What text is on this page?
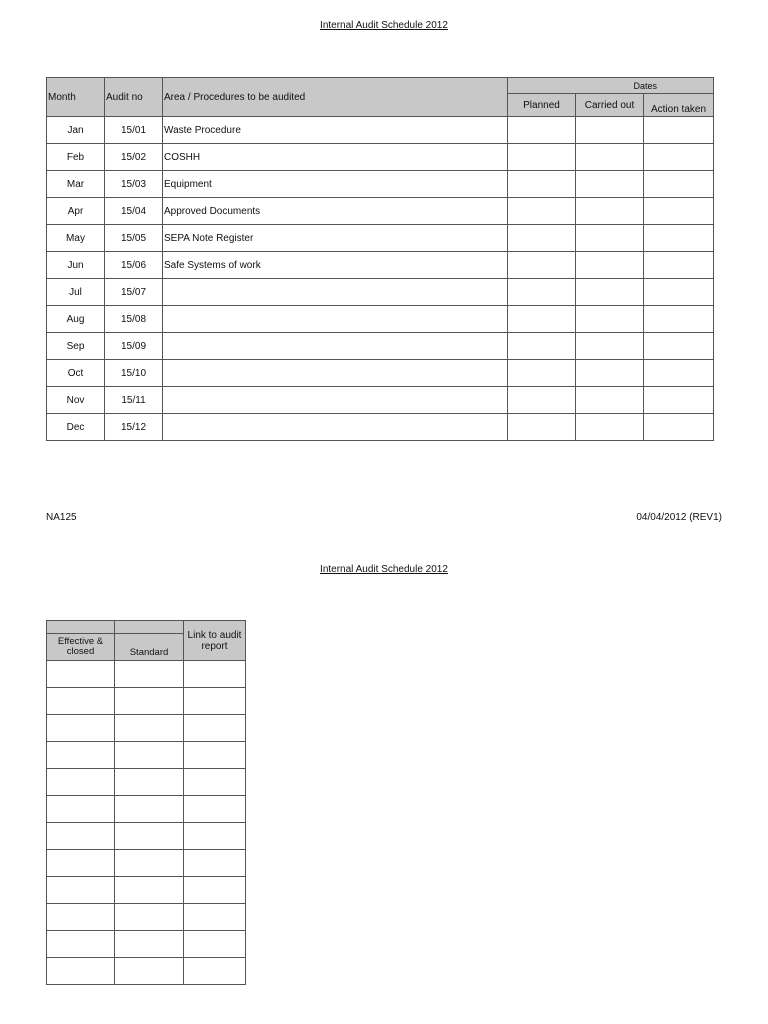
Internal Audit Schedule 2012
Month	Audit no	Area / Procedures to be audited	Dates		
			Planned	Carried out	Action taken
Jan	15/01	Waste Procedure			
Feb	15/02	COSHH			
Mar	15/03	Equipment			
Apr	15/04	Approved Documents			
May	15/05	SEPA Note Register			
Jun	15/06	Safe Systems of work			
Jul	15/07				
Aug	15/08				
Sep	15/09				
Oct	15/10				
Nov	15/11				
Dec	15/12				
NA125	04/04/2012 (REV1)
Internal Audit Schedule 2012
		Link to audit report
Effective & closed	Standard	
